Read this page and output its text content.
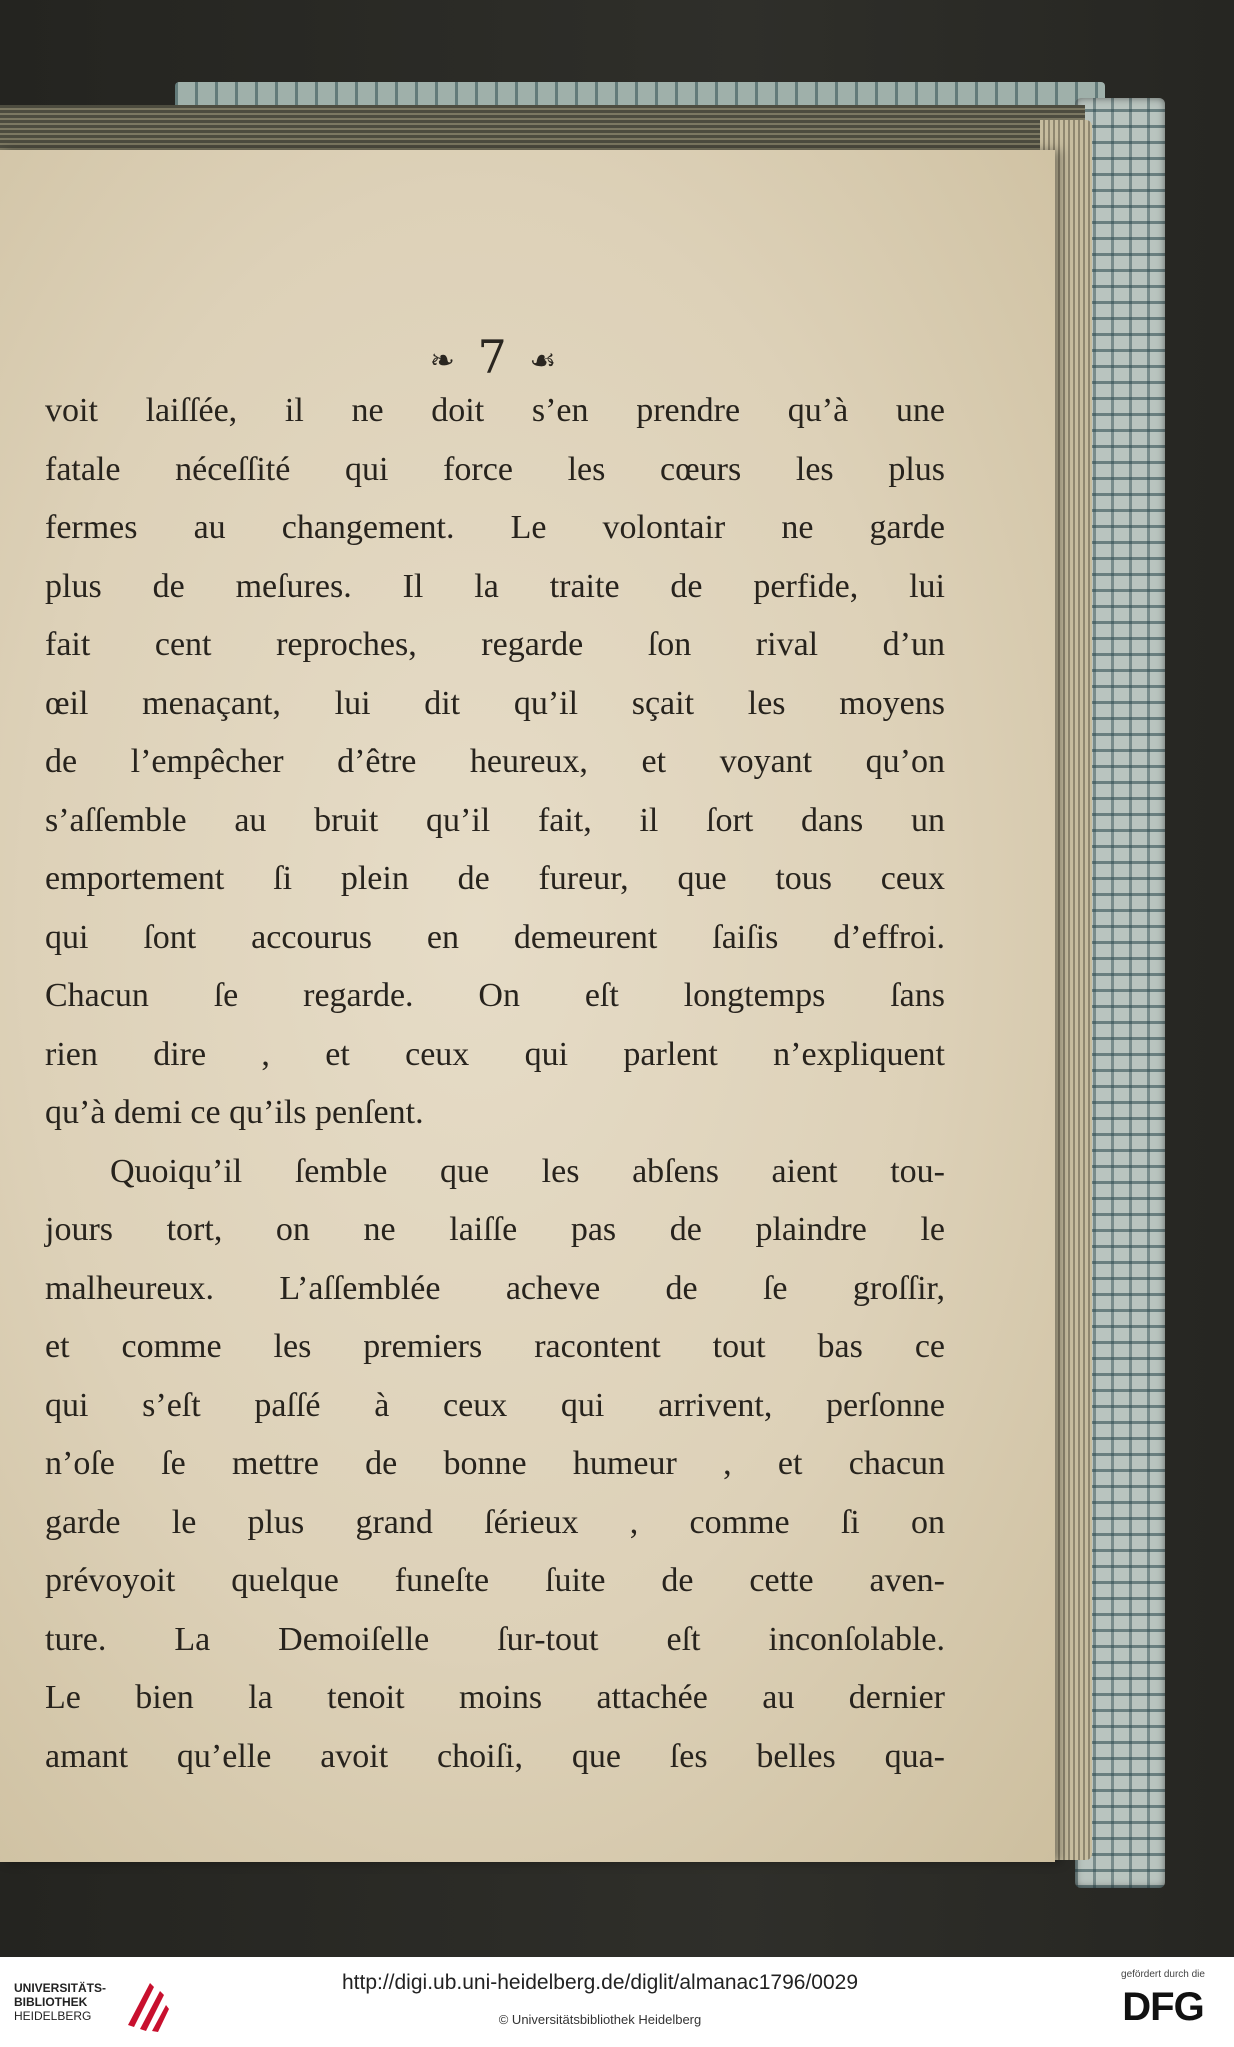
❧ 7 ☙
voit laiſſée, il ne doit s’en prendre qu’à une
fatale néceſſité qui force les cœurs les plus
fermes au changement. Le volontair ne garde
plus de meſures. Il la traite de perfide, lui
fait cent reproches, regarde ſon rival d’un
œil menaçant, lui dit qu’il sçait les moyens
de l’empêcher d’être heureux, et voyant qu’on
s’aſſemble au bruit qu’il fait, il ſort dans un
emportement ſi plein de fureur, que tous ceux
qui ſont accourus en demeurent ſaiſis d’effroi.
Chacun ſe regarde. On eſt longtemps ſans
rien dire , et ceux qui parlent n’expliquent
qu’à demi ce qu’ils penſent.
Quoiqu’il ſemble que les abſens aient tou-
jours tort, on ne laiſſe pas de plaindre le
malheureux. L’aſſemblée acheve de ſe groſſir,
et comme les premiers racontent tout bas ce
qui s’eſt paſſé à ceux qui arrivent, perſonne
n’oſe ſe mettre de bonne humeur , et chacun
garde le plus grand ſérieux , comme ſi on
prévoyoit quelque funeſte ſuite de cette aven-
ture. La Demoiſelle ſur-tout eſt inconſolable.
Le bien la tenoit moins attachée au dernier
amant qu’elle avoit choiſi, que ſes belles qua-
UNIVERSITÄTS-
BIBLIOTHEK
HEIDELBERG
http://digi.ub.uni-heidelberg.de/diglit/almanac1796/0029
© Universitätsbibliothek Heidelberg
gefördert durch die
DFG
